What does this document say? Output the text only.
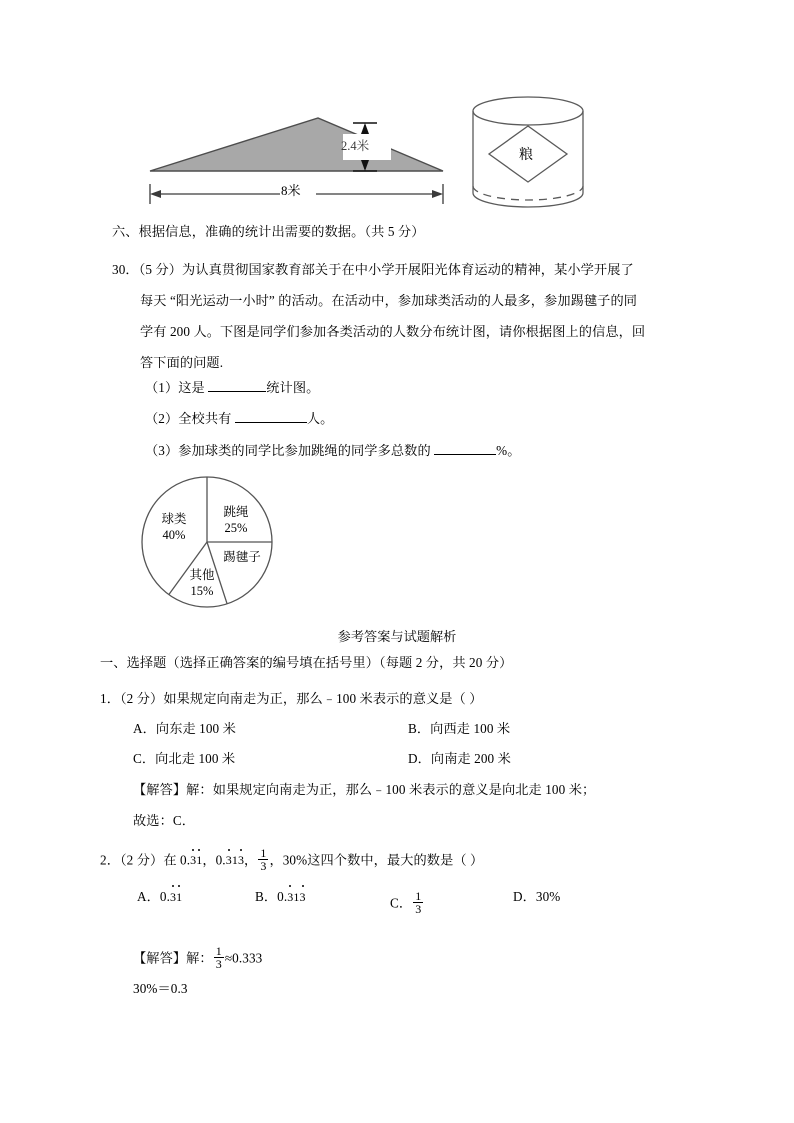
8米
2.4米
粮
六、根据信息，准确的统计出需要的数据。（共 5 分）
30．（5 分）为认真贯彻国家教育部关于在中小学开展阳光体育运动的精神，某小学开展了
每天 “阳光运动一小时” 的活动。在活动中，参加球类活动的人最多，参加踢毽子的同
学有 200 人。下图是同学们参加各类活动的人数分布统计图，请你根据图上的信息，回
答下面的问题.
（1）这是	统计图。
（2）全校共有	人。
（3）参加球类的同学比参加跳绳的同学多总数的	%。
跳绳
25%
踢毽子
其他
15%
球类
40%
参考答案与试题解析
一、选择题（选择正确答案的编号填在括号里）（每题 2 分，共 20 分）
1．（2 分）如果规定向南走为正，那么﹣100 米表示的意义是（ ）
A．向东走 100 米	B．向西走 100 米
C．向北走 100 米	D．向南走 200 米
【解答】解：如果规定向南走为正，那么﹣100 米表示的意义是向北走 100 米；
故选：C．
2．（2 分）在 0.31，0.313， $\frac{1}{3}$ ，30%这四个数中，最大的数是（ ）
A．0.31	B．0.313	C． $\frac{1}{3}$	D．30%
【解答】解： $\frac{1}{3} \approx 0.333$
30%＝0.3
